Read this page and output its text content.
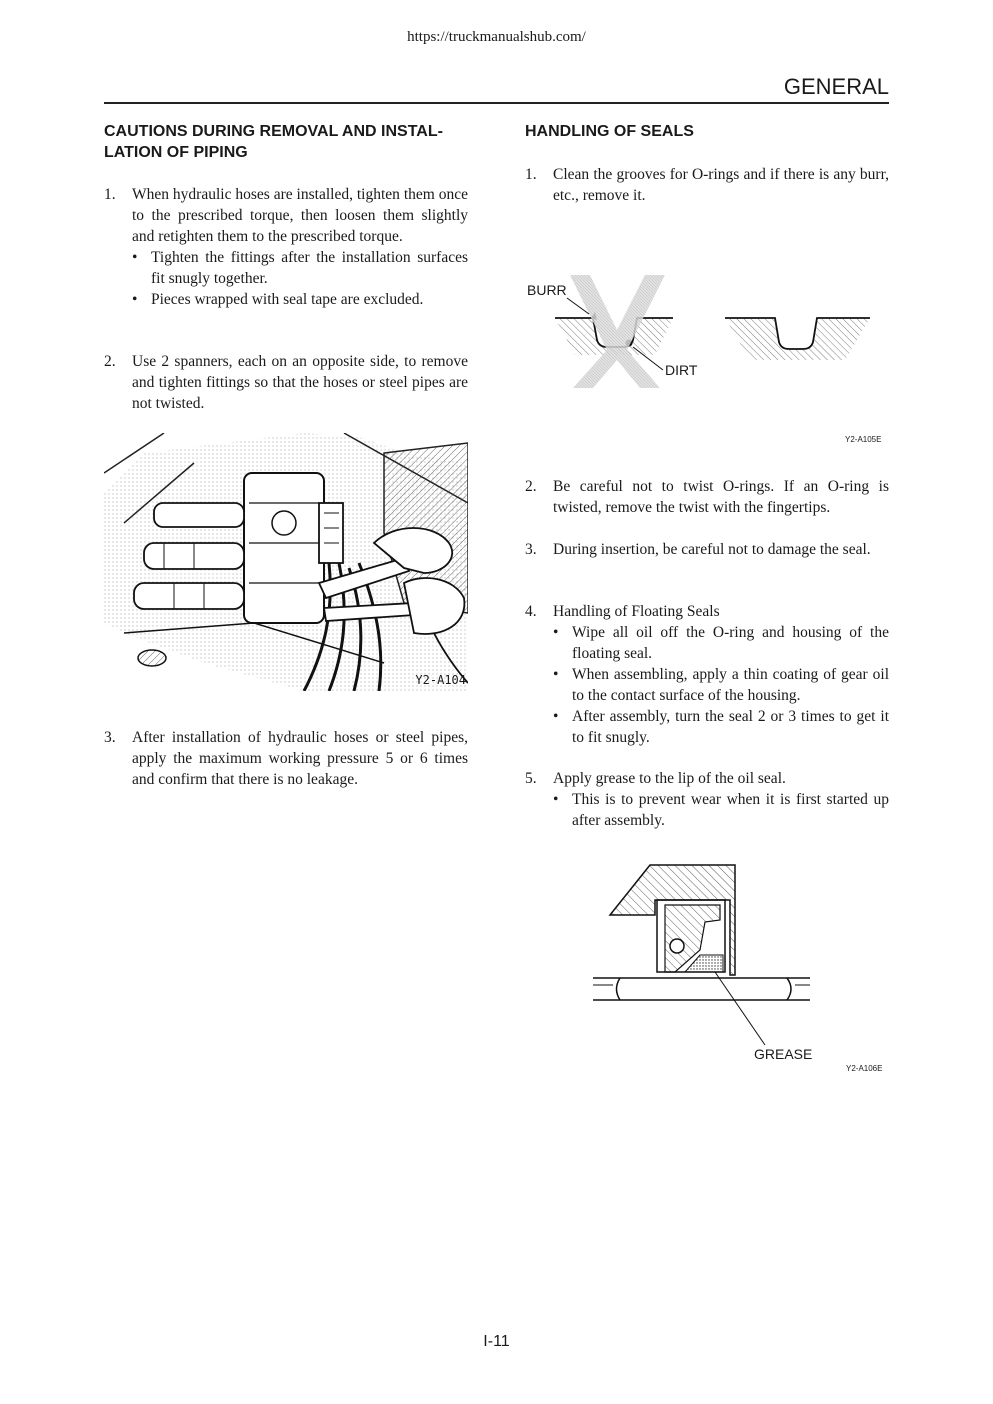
https://truckmanualshub.com/
GENERAL
CAUTIONS DURING REMOVAL AND INSTAL-
LATION OF PIPING
1. When hydraulic hoses are installed, tighten them once to the prescribed torque, then loosen them slightly and retighten them to the prescribed torque.
• Tighten the fittings after the installation surfaces fit snugly together.
• Pieces wrapped with seal tape are excluded.
2. Use 2 spanners, each on an opposite side, to remove and tighten fittings so that the hoses or steel pipes are not twisted.
3. After installation of hydraulic hoses or steel pipes, apply the maximum working pressure 5 or 6 times and confirm that there is no leakage.
Y2-A104
HANDLING OF SEALS
1. Clean the grooves for O-rings and if there is any burr, etc., remove it.
2. Be careful not to twist O-rings. If an O-ring is twisted, remove the twist with the fingertips.
3. During insertion, be careful not to damage the seal.
4. Handling of Floating Seals
• Wipe all oil off the O-ring and housing of the floating seal.
• When assembling, apply a thin coating of gear oil to the contact surface of the housing.
• After assembly, turn the seal 2 or 3 times to get it to fit snugly.
5. Apply grease to the lip of the oil seal.
• This is to prevent wear when it is first started up after assembly.
BURR
DIRT
Y2-A105E
GREASE
Y2-A106E
I-11
